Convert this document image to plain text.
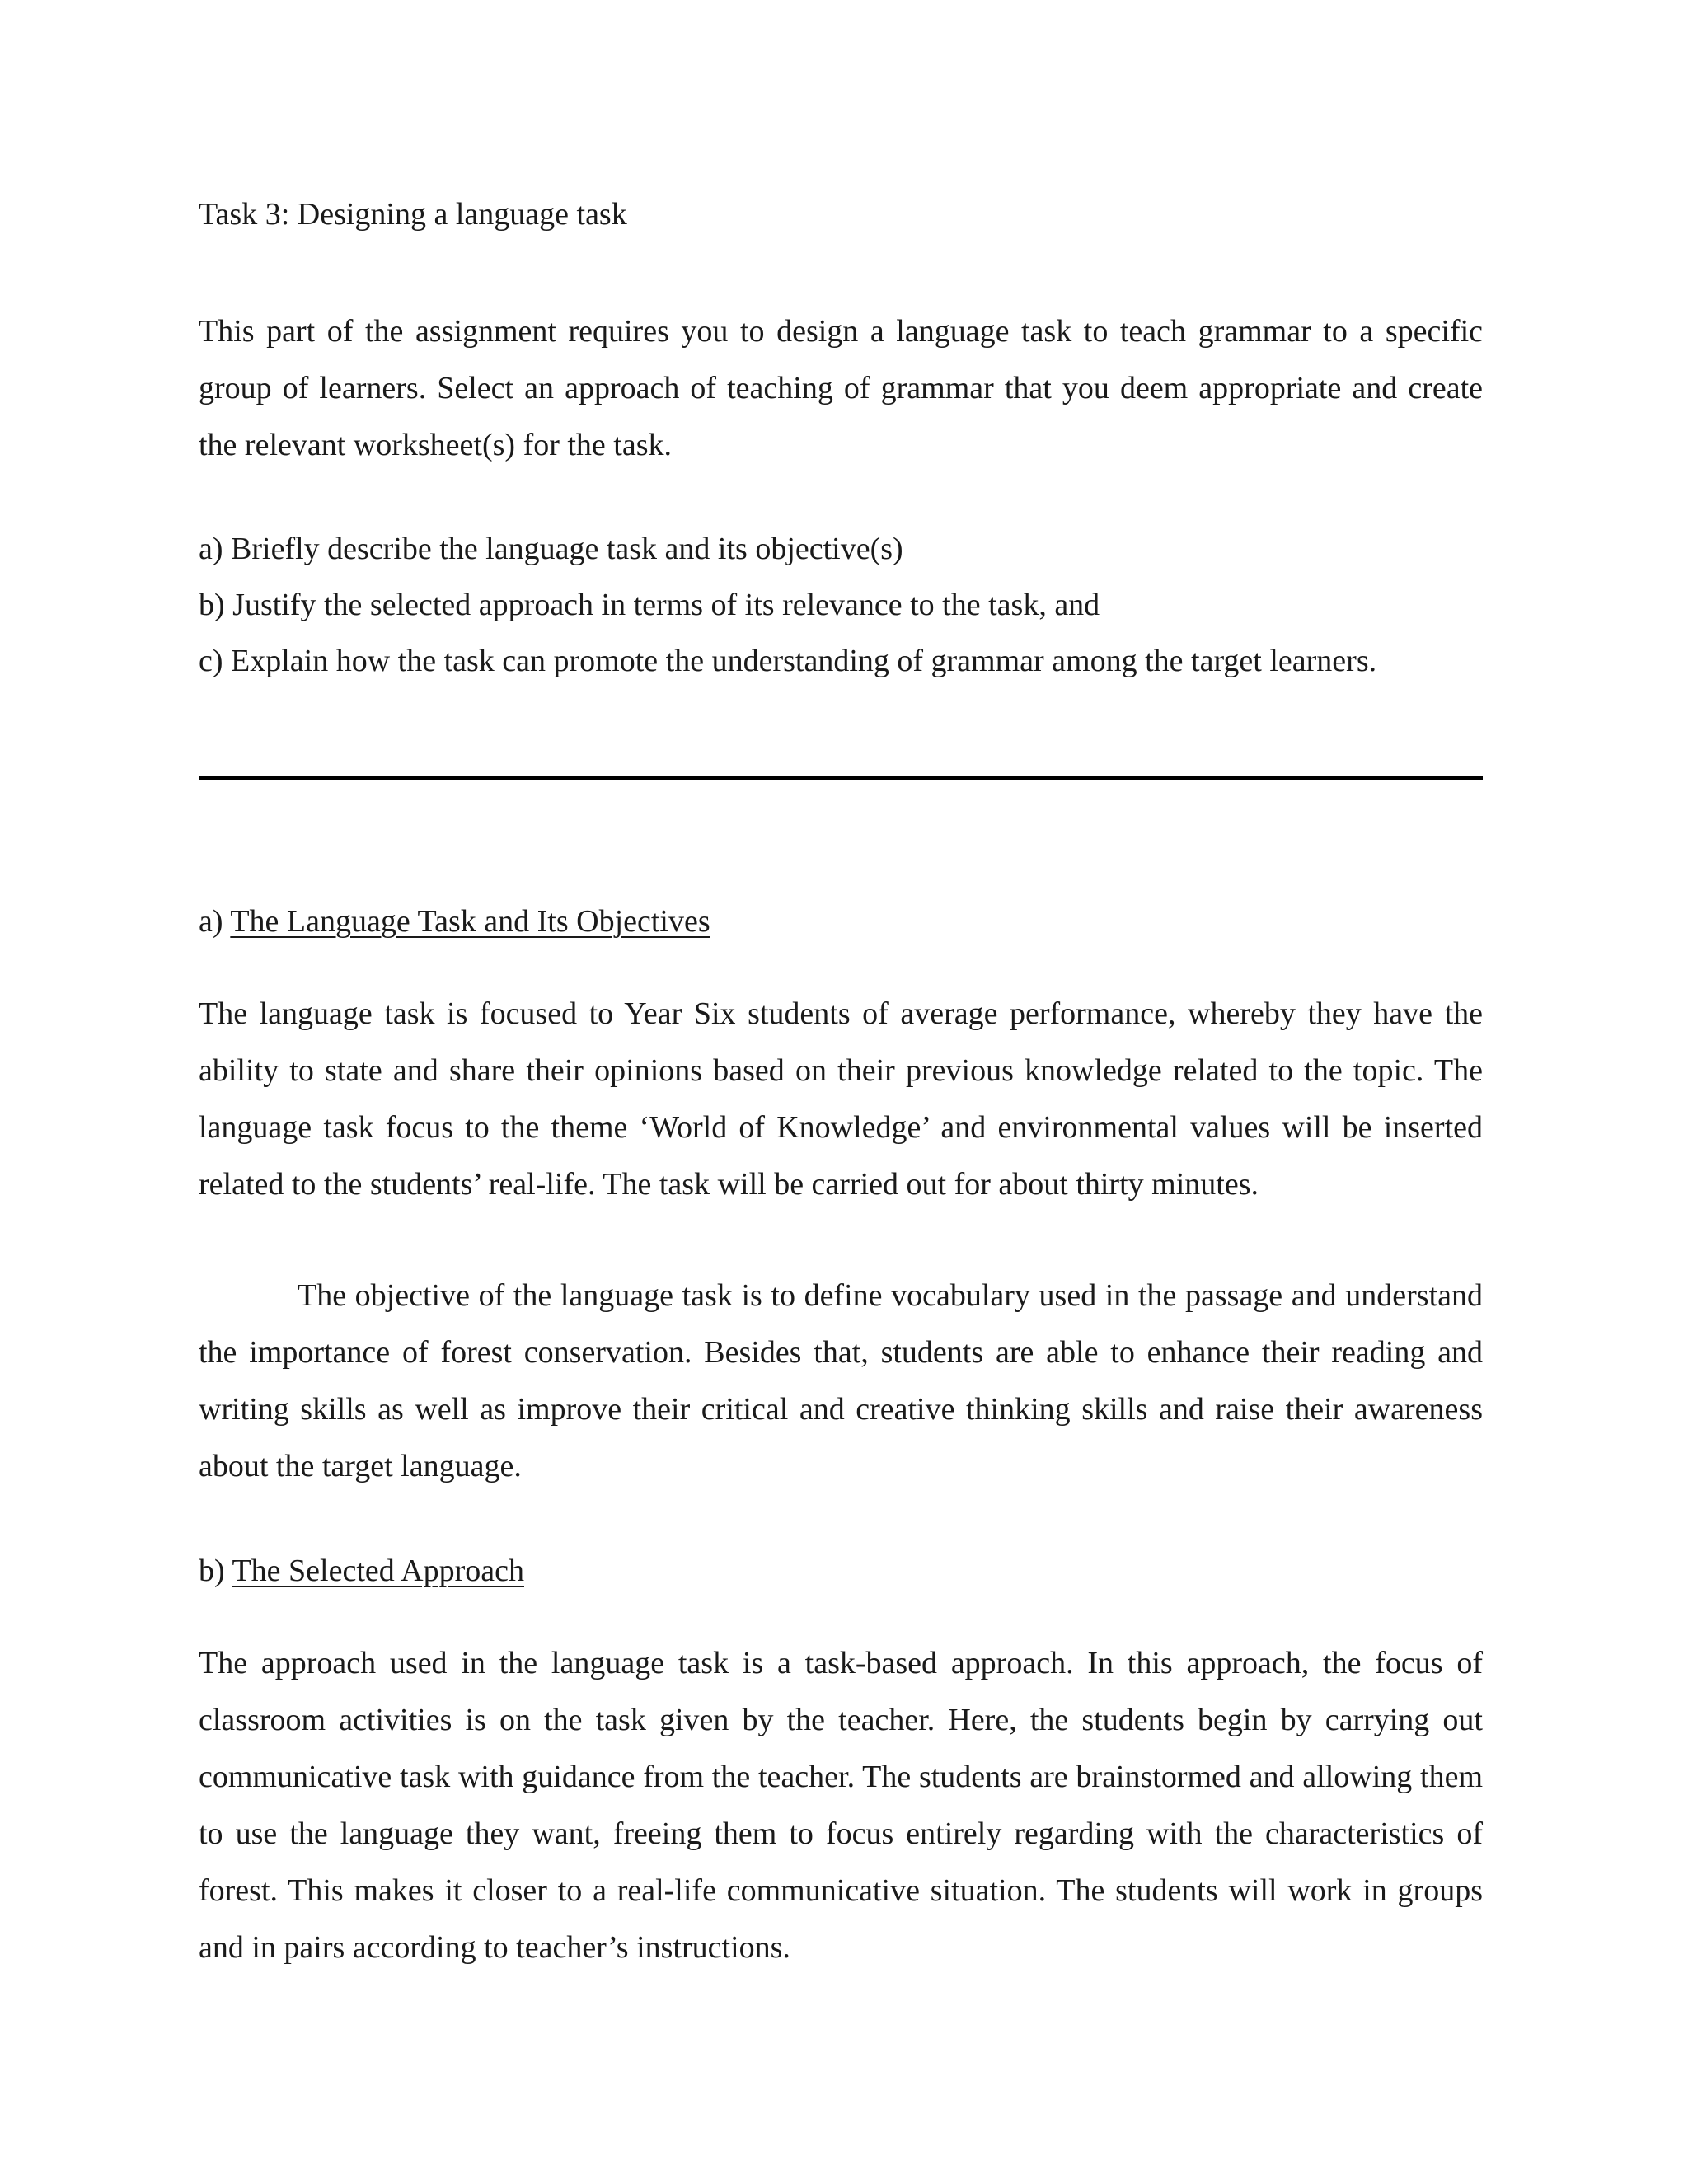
Task 3: Designing a language task
This part of the assignment requires you to design a language task to teach grammar to a specific group of learners. Select an approach of teaching of grammar that you deem appropriate and create the relevant worksheet(s) for the task.
a) Briefly describe the language task and its objective(s)
b) Justify the selected approach in terms of its relevance to the task, and
c) Explain how the task can promote the understanding of grammar among the target learners.
a) The Language Task and Its Objectives
The language task is focused to Year Six students of average performance, whereby they have the ability to state and share their opinions based on their previous knowledge related to the topic. The language task focus to the theme ‘World of Knowledge’ and environmental values will be inserted related to the students’ real-life. The task will be carried out for about thirty minutes.
The objective of the language task is to define vocabulary used in the passage and understand the importance of forest conservation. Besides that, students are able to enhance their reading and writing skills as well as improve their critical and creative thinking skills and raise their awareness about the target language.
b) The Selected Approach
The approach used in the language task is a task-based approach. In this approach, the focus of classroom activities is on the task given by the teacher. Here, the students begin by carrying out communicative task with guidance from the teacher. The students are brainstormed and allowing them to use the language they want, freeing them to focus entirely regarding with the characteristics of forest. This makes it closer to a real-life communicative situation. The students will work in groups and in pairs according to teacher’s instructions.
